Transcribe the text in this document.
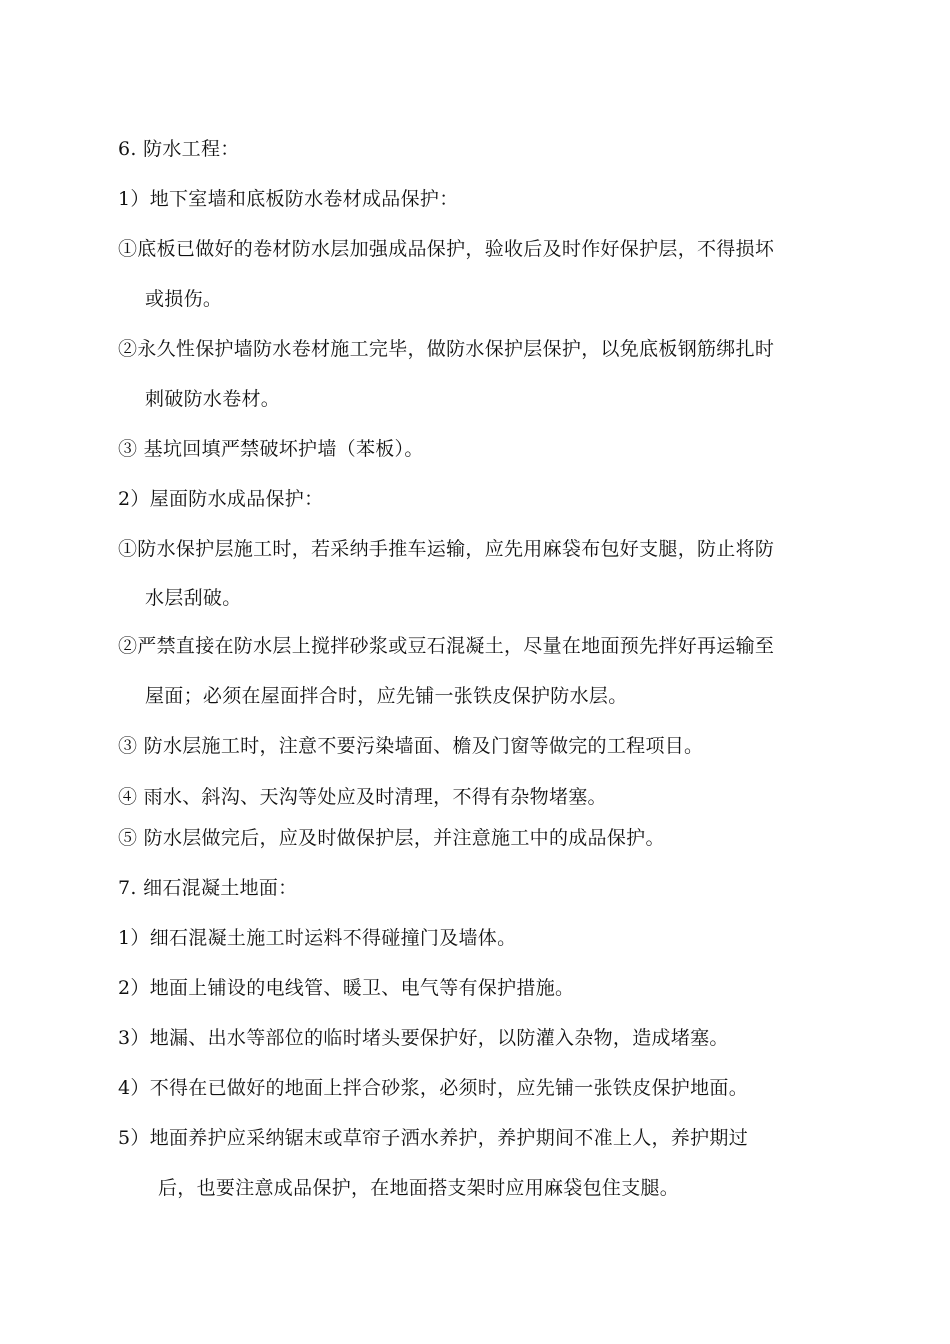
6. 防水工程：
1）地下室墙和底板防水卷材成品保护：
①底板已做好的卷材防水层加强成品保护，验收后及时作好保护层，不得损坏
或损伤。
②永久性保护墙防水卷材施工完毕，做防水保护层保护，以免底板钢筋绑扎时
刺破防水卷材。
③ 基坑回填严禁破坏护墙（苯板）。
2）屋面防水成品保护：
①防水保护层施工时，若采纳手推车运输，应先用麻袋布包好支腿，防止将防
水层刮破。
②严禁直接在防水层上搅拌砂浆或豆石混凝土，尽量在地面预先拌好再运输至
屋面；必须在屋面拌合时，应先铺一张铁皮保护防水层。
③ 防水层施工时，注意不要污染墙面、檐及门窗等做完的工程项目。
④ 雨水、斜沟、天沟等处应及时清理，不得有杂物堵塞。
⑤ 防水层做完后，应及时做保护层，并注意施工中的成品保护。
7. 细石混凝土地面：
1）细石混凝土施工时运料不得碰撞门及墙体。
2）地面上铺设的电线管、暖卫、电气等有保护措施。
3）地漏、出水等部位的临时堵头要保护好，以防灌入杂物，造成堵塞。
4）不得在已做好的地面上拌合砂浆，必须时，应先铺一张铁皮保护地面。
5）地面养护应采纳锯末或草帘子洒水养护，养护期间不准上人，养护期过
后，也要注意成品保护，在地面搭支架时应用麻袋包住支腿。
